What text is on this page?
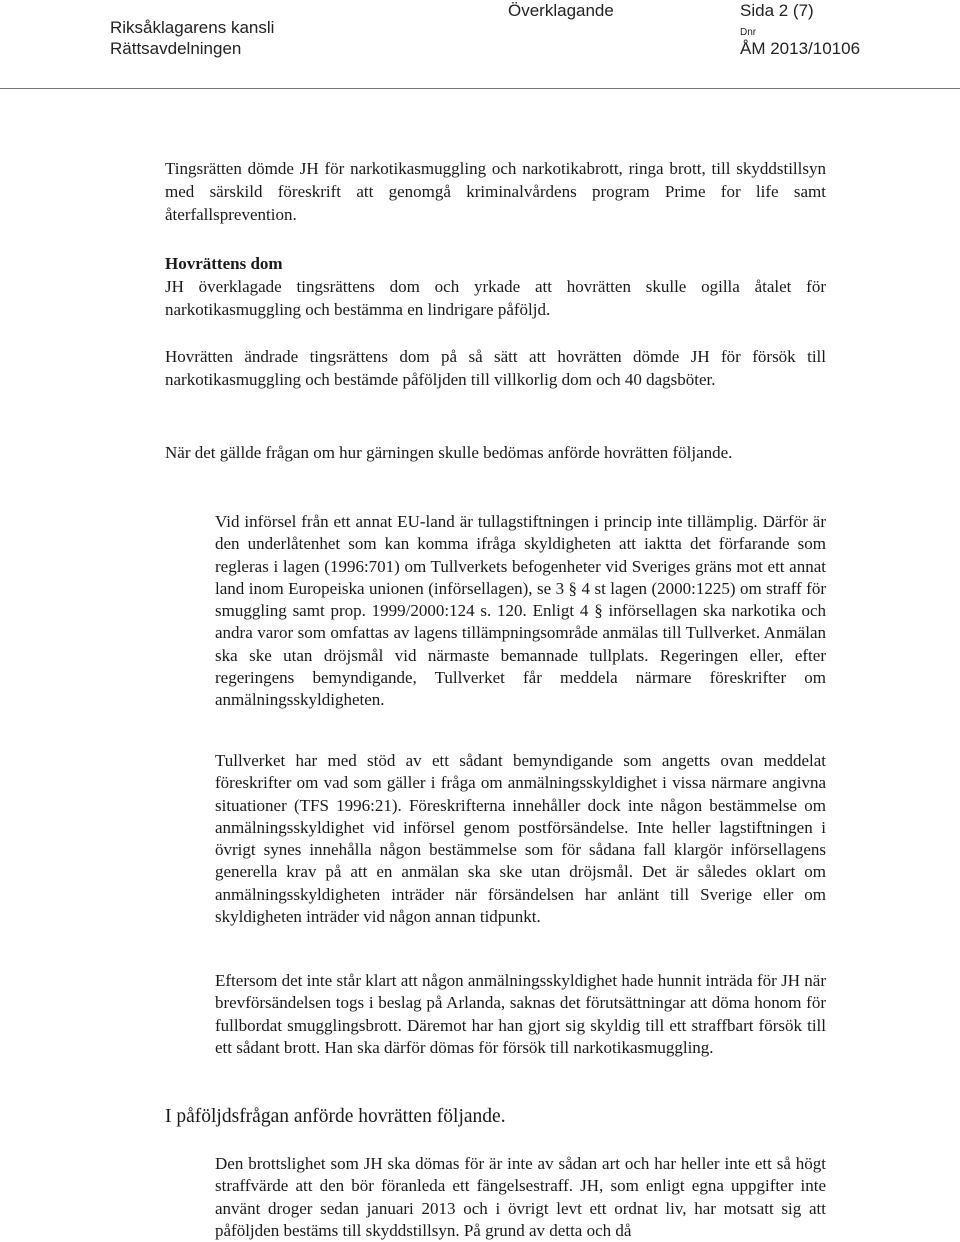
Riksåklagarens kansli
Rättsavdelningen
Överklagande	Sida 2 (7)
Dnr
ÅM 2013/10106

Tingsrätten dömde JH för narkotikasmuggling och narkotikabrott, ringa brott, till skyddstillsyn med särskild föreskrift att genomgå kriminalvårdens program Prime for life samt återfallsprevention.

Hovrättens dom
JH överklagade tingsrättens dom och yrkade att hovrätten skulle ogilla åtalet för narkotikasmuggling och bestämma en lindrigare påföljd.

Hovrätten ändrade tingsrättens dom på så sätt att hovrätten dömde JH för försök till narkotikasmuggling och bestämde påföljden till villkorlig dom och 40 dagsböter.

När det gällde frågan om hur gärningen skulle bedömas anförde hovrätten följande.

Vid införsel från ett annat EU-land är tullagstiftningen i princip inte tillämplig. Därför är den underlåtenhet som kan komma ifråga skyldigheten att iaktta det förfarande som regleras i lagen (1996:701) om Tullverkets befogenheter vid Sveriges gräns mot ett annat land inom Europeiska unionen (införsellagen), se 3 § 4 st lagen (2000:1225) om straff för smuggling samt prop. 1999/2000:124 s. 120. Enligt 4 § införsellagen ska narkotika och andra varor som omfattas av lagens tillämpningsområde anmälas till Tullverket. Anmälan ska ske utan dröjsmål vid närmaste bemannade tullplats. Regeringen eller, efter regeringens bemyndigande, Tullverket får meddela närmare föreskrifter om anmälningsskyldigheten.

Tullverket har med stöd av ett sådant bemyndigande som angetts ovan meddelat föreskrifter om vad som gäller i fråga om anmälningsskyldighet i vissa närmare angivna situationer (TFS 1996:21). Föreskrifterna innehåller dock inte någon bestämmelse om anmälningsskyldighet vid införsel genom postförsändelse. Inte heller lagstiftningen i övrigt synes innehålla någon bestämmelse som för sådana fall klargör införsellagens generella krav på att en anmälan ska ske utan dröjsmål. Det är således oklart om anmälningsskyldigheten inträder när försändelsen har anlänt till Sverige eller om skyldigheten inträder vid någon annan tidpunkt.

Eftersom det inte står klart att någon anmälningsskyldighet hade hunnit inträda för JH när brevförsändelsen togs i beslag på Arlanda, saknas det förutsättningar att döma honom för fullbordat smugglingsbrott. Däremot har han gjort sig skyldig till ett straffbart försök till ett sådant brott. Han ska därför dömas för försök till narkotikasmuggling.

I påföljdsfrågan anförde hovrätten följande.

Den brottslighet som JH ska dömas för är inte av sådan art och har heller inte ett så högt straffvärde att den bör föranleda ett fängelsestraff. JH, som enligt egna uppgifter inte använt droger sedan januari 2013 och i övrigt levt ett ordnat liv, har motsatt sig att påföljden bestäms till skyddstillsyn. På grund av detta och då
